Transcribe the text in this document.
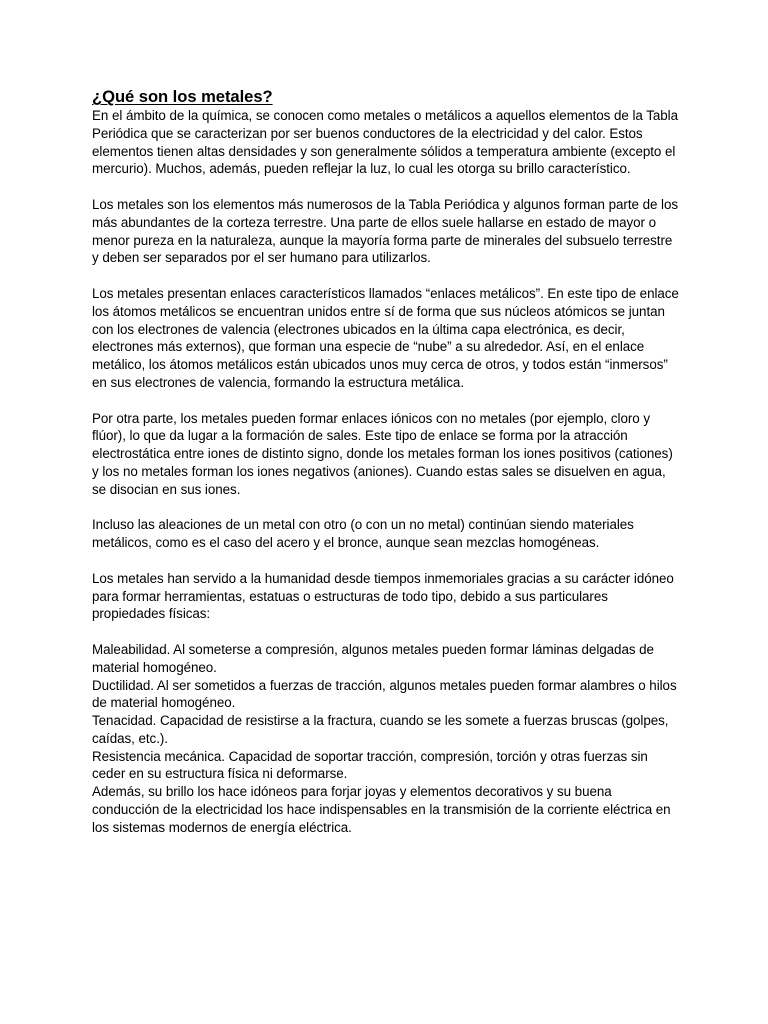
¿Qué son los metales?

En el ámbito de la química, se conocen como metales o metálicos a aquellos elementos de la Tabla Periódica que se caracterizan por ser buenos conductores de la electricidad y del calor. Estos elementos tienen altas densidades y son generalmente sólidos a temperatura ambiente (excepto el mercurio). Muchos, además, pueden reflejar la luz, lo cual les otorga su brillo característico.

Los metales son los elementos más numerosos de la Tabla Periódica y algunos forman parte de los más abundantes de la corteza terrestre. Una parte de ellos suele hallarse en estado de mayor o menor pureza en la naturaleza, aunque la mayoría forma parte de minerales del subsuelo terrestre y deben ser separados por el ser humano para utilizarlos.

Los metales presentan enlaces característicos llamados “enlaces metálicos”. En este tipo de enlace los átomos metálicos se encuentran unidos entre sí de forma que sus núcleos atómicos se juntan con los electrones de valencia (electrones ubicados en la última capa electrónica, es decir, electrones más externos), que forman una especie de “nube” a su alrededor. Así, en el enlace metálico, los átomos metálicos están ubicados unos muy cerca de otros, y todos están “inmersos” en sus electrones de valencia, formando la estructura metálica.

Por otra parte, los metales pueden formar enlaces iónicos con no metales (por ejemplo, cloro y flúor), lo que da lugar a la formación de sales. Este tipo de enlace se forma por la atracción electrostática entre iones de distinto signo, donde los metales forman los iones positivos (cationes) y los no metales forman los iones negativos (aniones). Cuando estas sales se disuelven en agua, se disocian en sus iones.

Incluso las aleaciones de un metal con otro (o con un no metal) continúan siendo materiales metálicos, como es el caso del acero y el bronce, aunque sean mezclas homogéneas.

Los metales han servido a la humanidad desde tiempos inmemoriales gracias a su carácter idóneo para formar herramientas, estatuas o estructuras de todo tipo, debido a sus particulares propiedades físicas:

Maleabilidad. Al someterse a compresión, algunos metales pueden formar láminas delgadas de material homogéneo.

Ductilidad. Al ser sometidos a fuerzas de tracción, algunos metales pueden formar alambres o hilos de material homogéneo.

Tenacidad. Capacidad de resistirse a la fractura, cuando se les somete a fuerzas bruscas (golpes, caídas, etc.).

Resistencia mecánica. Capacidad de soportar tracción, compresión, torción y otras fuerzas sin ceder en su estructura física ni deformarse.

Además, su brillo los hace idóneos para forjar joyas y elementos decorativos y su buena conducción de la electricidad los hace indispensables en la transmisión de la corriente eléctrica en los sistemas modernos de energía eléctrica.
